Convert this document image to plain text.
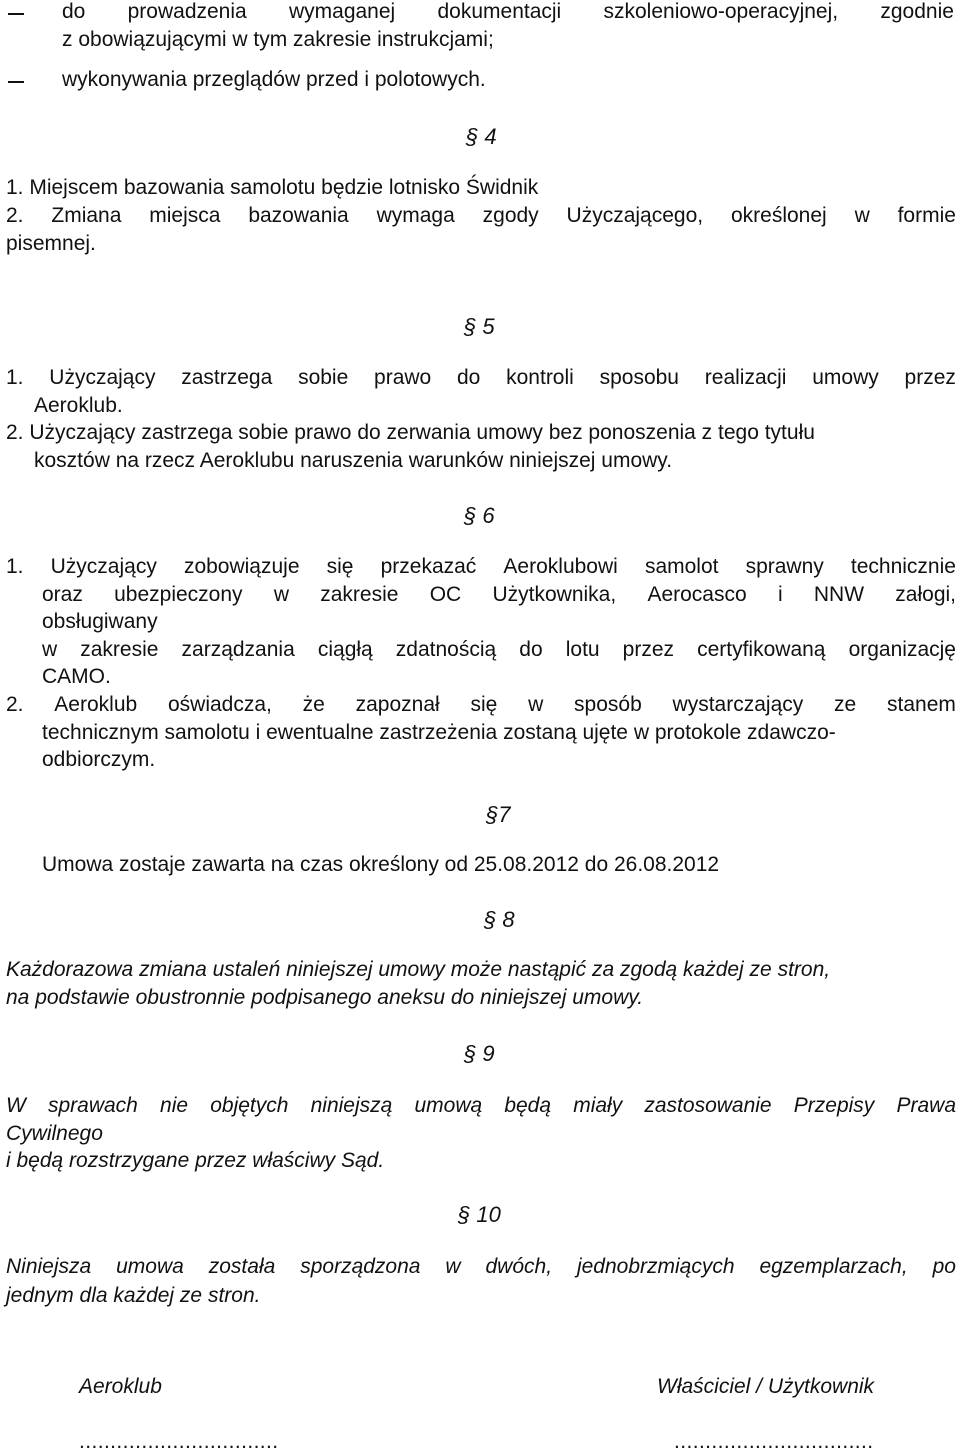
do prowadzenia wymaganej dokumentacji szkoleniowo-operacyjnej, zgodnie
z obowiązującymi w tym zakresie instrukcjami;
wykonywania przeglądów przed i polotowych.
§ 4
1. Miejscem bazowania samolotu będzie lotnisko Świdnik
2. Zmiana miejsca bazowania wymaga zgody Użyczającego, określonej w formie
pisemnej.
§ 5
1. Użyczający zastrzega sobie prawo do kontroli sposobu realizacji umowy przez
Aeroklub.
2. Użyczający zastrzega sobie prawo do zerwania umowy bez ponoszenia z tego tytułu
kosztów na rzecz Aeroklubu naruszenia warunków niniejszej umowy.
§ 6
1. Użyczający zobowiązuje się przekazać Aeroklubowi samolot sprawny technicznie
oraz ubezpieczony w zakresie OC Użytkownika, Aerocasco i NNW załogi,
obsługiwany
w zakresie zarządzania ciągłą zdatnością do lotu przez certyfikowaną organizację
CAMO.
2. Aeroklub oświadcza, że zapoznał się w sposób wystarczający ze stanem
technicznym samolotu i ewentualne zastrzeżenia zostaną ujęte w protokole zdawczo-
odbiorczym.
§7
Umowa zostaje zawarta na czas określony od 25.08.2012 do 26.08.2012
§ 8
Każdorazowa zmiana ustaleń niniejszej umowy może nastąpić za zgodą każdej ze stron,
na podstawie obustronnie podpisanego aneksu do niniejszej umowy.
§ 9
W sprawach nie objętych niniejszą umową będą miały zastosowanie Przepisy Prawa
Cywilnego
i będą rozstrzygane przez właściwy Sąd.
§ 10
Niniejsza umowa została sporządzona w dwóch, jednobrzmiących egzemplarzach, po
jednym dla każdej ze stron.
Aeroklub	Właściciel / Użytkownik
................................	................................
